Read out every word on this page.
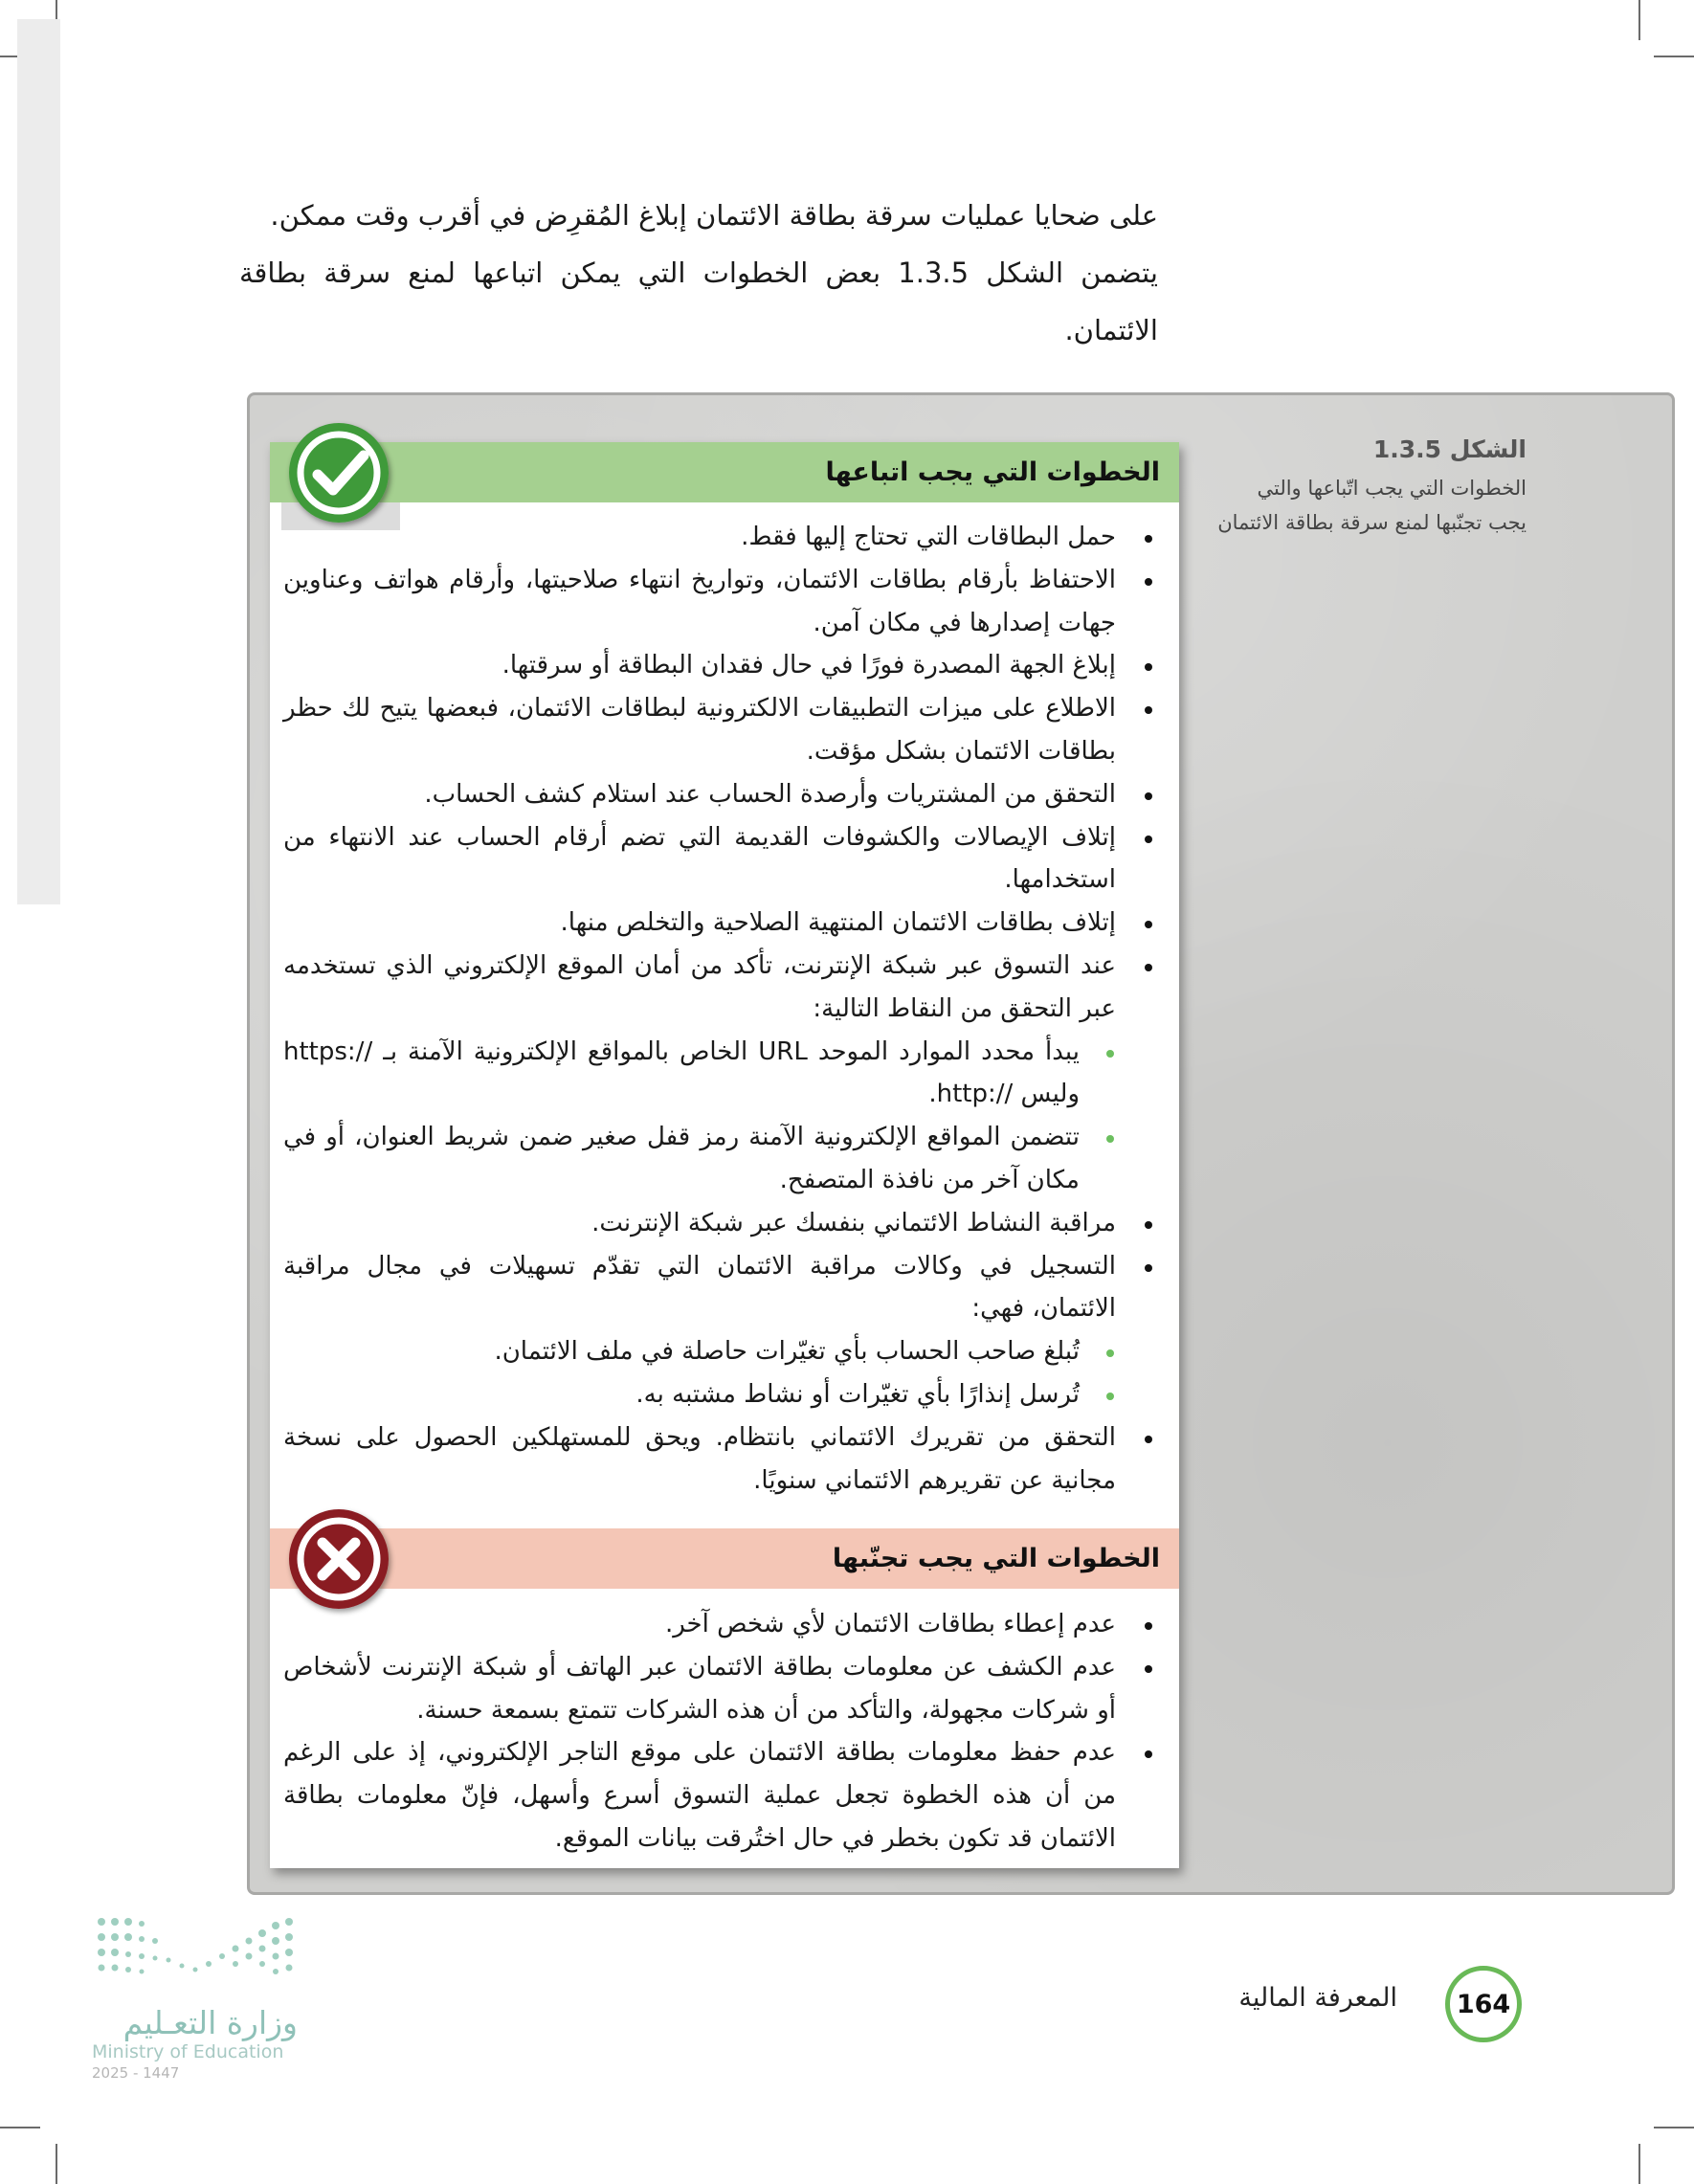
على ضحايا عمليات سرقة بطاقة الائتمان إبلاغ المُقرِض في أقرب وقت ممكن.

يتضمن الشكل 1.3.5 بعض الخطوات التي يمكن اتباعها لمنع سرقة بطاقة الائتمان.

الشكل 1.3.5
الخطوات التي يجب اتّباعها والتي يجب تجنّبها لمنع سرقة بطاقة الائتمان
الخطوات التي يجب اتباعها
حمل البطاقات التي تحتاج إليها فقط.
الاحتفاظ بأرقام بطاقات الائتمان، وتواريخ انتهاء صلاحيتها، وأرقام هواتف وعناوين جهات إصدارها في مكان آمن.
إبلاغ الجهة المصدرة فورًا في حال فقدان البطاقة أو سرقتها.
الاطلاع على ميزات التطبيقات الالكترونية لبطاقات الائتمان، فبعضها يتيح لك حظر بطاقات الائتمان بشكل مؤقت.
التحقق من المشتريات وأرصدة الحساب عند استلام كشف الحساب.
إتلاف الإيصالات والكشوفات القديمة التي تضم أرقام الحساب عند الانتهاء من استخدامها.
إتلاف بطاقات الائتمان المنتهية الصلاحية والتخلص منها.
عند التسوق عبر شبكة الإنترنت، تأكد من أمان الموقع الإلكتروني الذي تستخدمه عبر التحقق من النقاط التالية:
يبدأ محدد الموارد الموحد URL الخاص بالمواقع الإلكترونية الآمنة بـ //:https وليس //:http.
تتضمن المواقع الإلكترونية الآمنة رمز قفل صغير ضمن شريط العنوان، أو في مكان آخر من نافذة المتصفح.
مراقبة النشاط الائتماني بنفسك عبر شبكة الإنترنت.
التسجيل في وكالات مراقبة الائتمان التي تقدّم تسهيلات في مجال مراقبة الائتمان، فهي:
تُبلغ صاحب الحساب بأي تغيّرات حاصلة في ملف الائتمان.
تُرسل إنذارًا بأي تغيّرات أو نشاط مشتبه به.
التحقق من تقريرك الائتماني بانتظام. ويحق للمستهلكين الحصول على نسخة مجانية عن تقريرهم الائتماني سنويًا.
الخطوات التي يجب تجنّبها
عدم إعطاء بطاقات الائتمان لأي شخص آخر.
عدم الكشف عن معلومات بطاقة الائتمان عبر الهاتف أو شبكة الإنترنت لأشخاص أو شركات مجهولة، والتأكد من أن هذه الشركات تتمتع بسمعة حسنة.
عدم حفظ معلومات بطاقة الائتمان على موقع التاجر الإلكتروني، إذ على الرغم من أن هذه الخطوة تجعل عملية التسوق أسرع وأسهل، فإنّ معلومات بطاقة الائتمان قد تكون بخطر في حال اختُرقت بيانات الموقع.
164
المعرفة المالية
وزارة التعـليم
Ministry of Education
2025 - 1447
